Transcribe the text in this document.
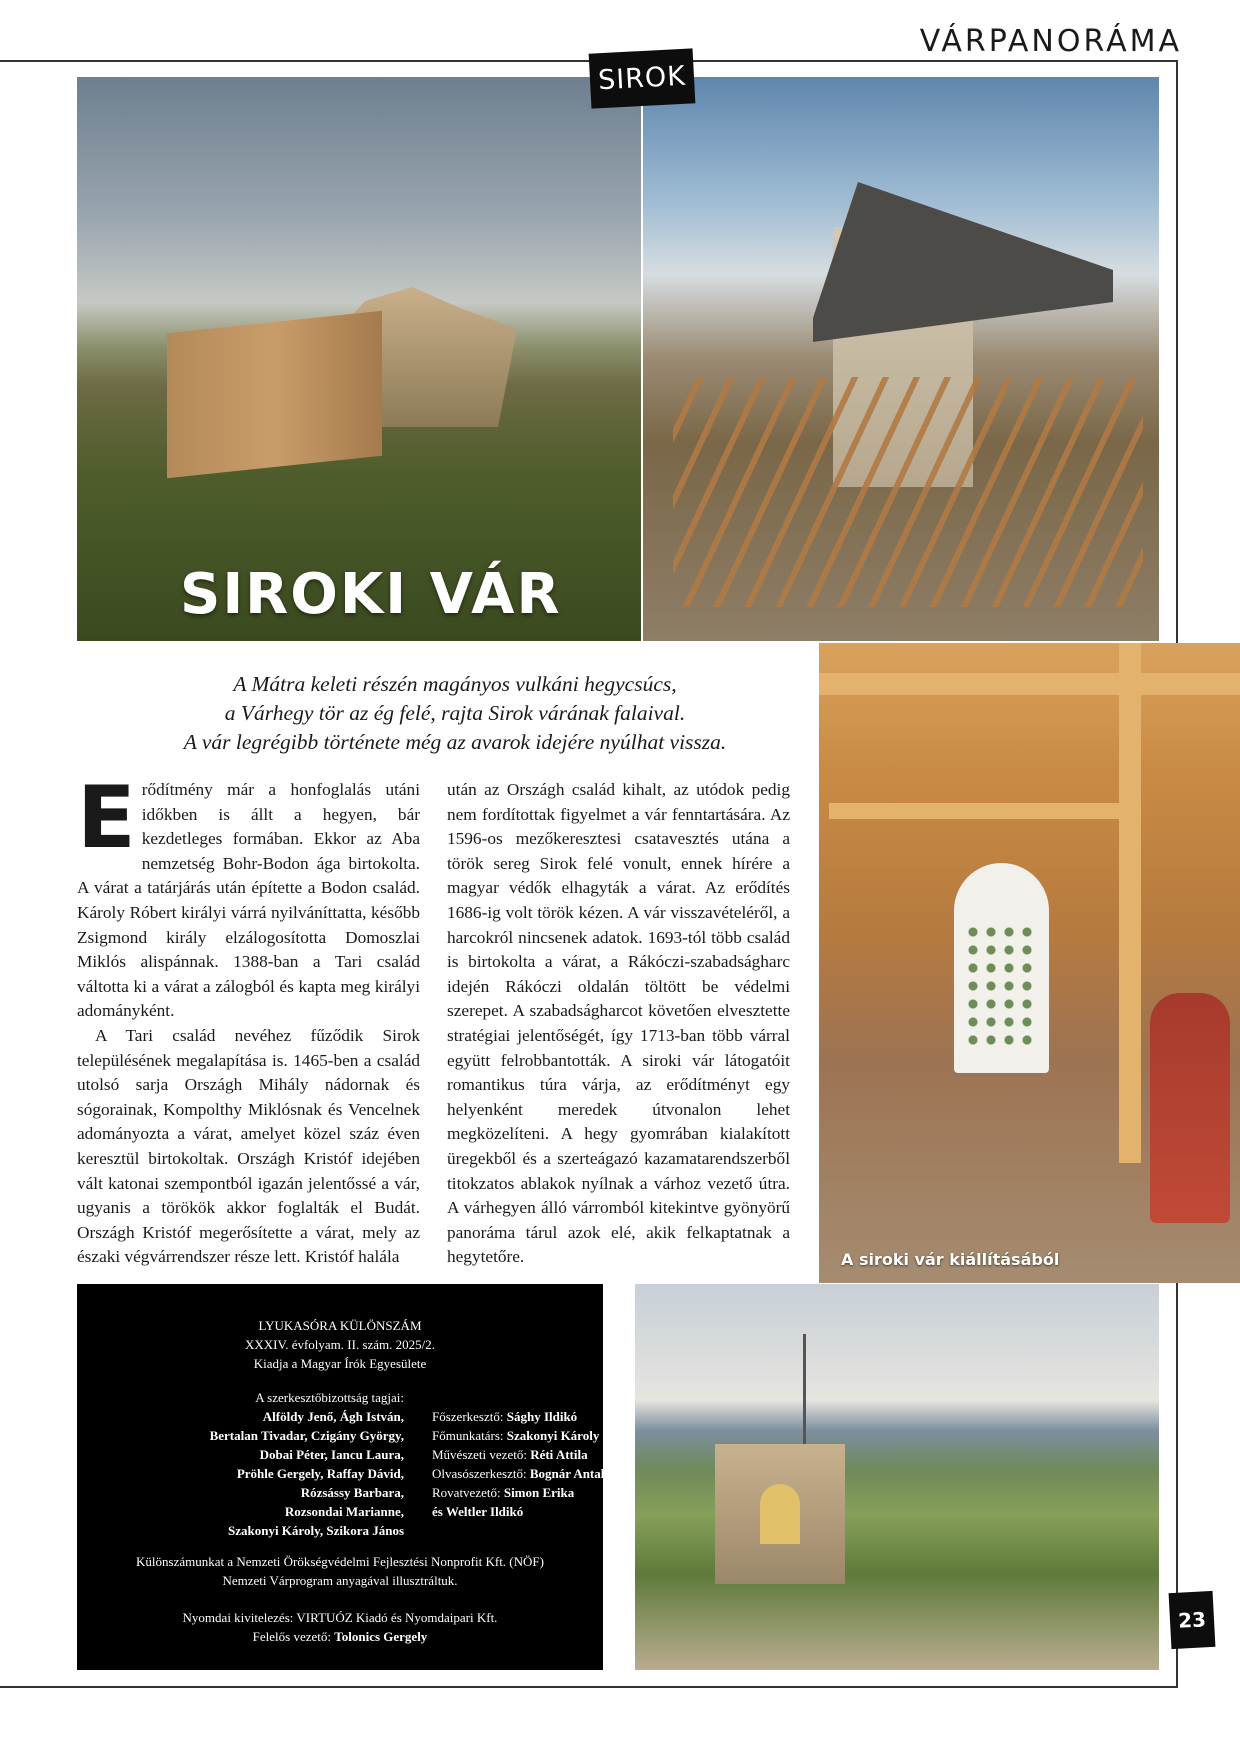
VÁRPANORÁMA
SIROK
SIROKI VÁR
A siroki vár kiállításából
A Mátra keleti részén magányos vulkáni hegycsúcs,
a Várhegy tör az ég felé, rajta Sirok várának falaival.
A vár legrégibb története még az avarok idejére nyúlhat vissza.

Erődítmény már a honfoglalás utáni időkben is állt a hegyen, bár kezdetleges formában. Ekkor az Aba nemzetség Bohr-Bodon ága birtokolta. A várat a tatárjárás után építette a Bodon család. Károly Róbert királyi várrá nyilváníttatta, később Zsigmond király elzálogosította Domoszlai Miklós alispánnak. 1388-ban a Tari család váltotta ki a várat a zálogból és kapta meg királyi adományként.

A Tari család nevéhez fűződik Sirok településének megalapítása is. 1465-ben a család utolsó sarja Országh Mihály nádornak és sógorainak, Kompolthy Miklósnak és Vencelnek adományozta a várat, amelyet közel száz éven keresztül birtokoltak. Országh Kristóf idejében vált katonai szempontból igazán jelentőssé a vár, ugyanis a törökök akkor foglalták el Budát. Országh Kristóf megerősítette a várat, mely az északi végvárrendszer része lett. Kristóf halála

után az Országh család kihalt, az utódok pedig nem fordítottak figyelmet a vár fenntartására. Az 1596-os mezőkeresztesi csatavesztés utána a török sereg Sirok felé vonult, ennek hírére a magyar védők elhagyták a várat. Az erődítés 1686-ig volt török kézen. A vár visszavételéről, a harcokról nincsenek adatok. 1693-tól több család is birtokolta a várat, a Rákóczi-szabadságharc idején Rákóczi oldalán töltött be védelmi szerepet. A szabadságharcot követően elvesztette stratégiai jelentőségét, így 1713-ban több várral együtt felrobbantották. A siroki vár látogatóit romantikus túra várja, az erődítményt egy helyenként meredek útvonalon lehet megközelíteni. A hegy gyomrában kialakított üregekből és a szerteágazó kazamatarendszerből titokzatos ablakok nyílnak a várhoz vezető útra. A várhegyen álló várromból kitekintve gyönyörű panoráma tárul azok elé, akik felkaptatnak a hegytetőre.

LYUKASÓRA KÜLÖNSZÁM
XXXIV. évfolyam. II. szám. 2025/2.
Kiadja a Magyar Írók Egyesülete
A szerkesztőbizottság tagjai:
Alföldy Jenő, Ágh István,
Bertalan Tivadar, Czigány György,
Dobai Péter, Iancu Laura,
Pröhle Gergely, Raffay Dávid,
Rózsássy Barbara,
Rozsondai Marianne,
Szakonyi Károly, Szikora János
Főszerkesztő: Sághy Ildikó
Főmunkatárs: Szakonyi Károly
Művészeti vezető: Réti Attila
Olvasószerkesztő: Bognár Antal
Rovatvezető: Simon Erika
és Weltler Ildikó
Különszámunkat a Nemzeti Örökségvédelmi Fejlesztési Nonprofit Kft. (NÖF)
Nemzeti Várprogram anyagával illusztráltuk.
Nyomdai kivitelezés: VIRTUÓZ Kiadó és Nyomdaipari Kft.
Felelős vezető: Tolonics Gergely
23
